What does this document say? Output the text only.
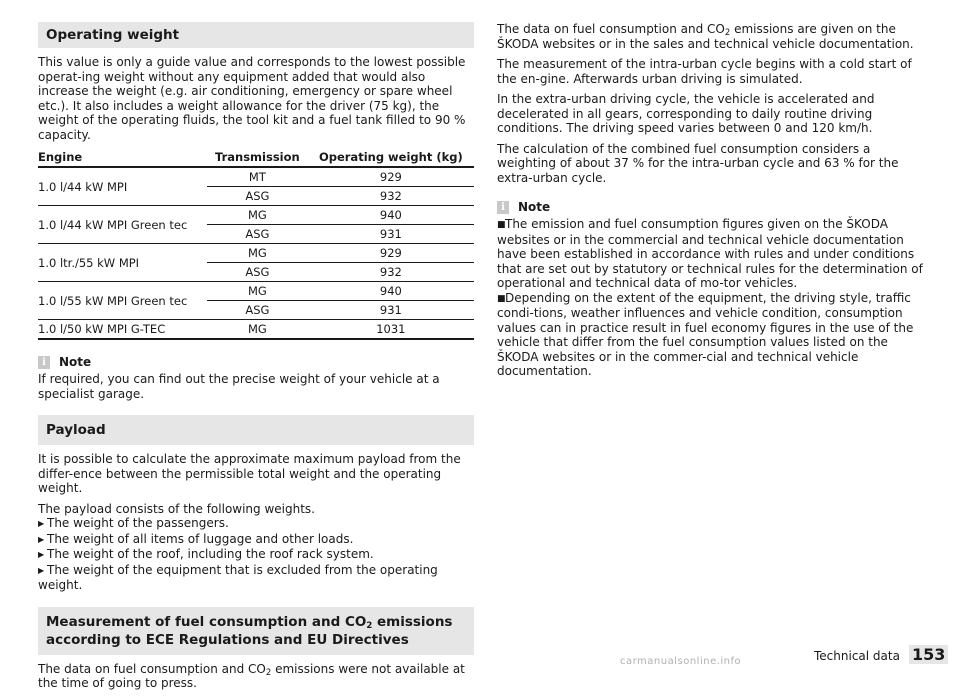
Operating weight
This value is only a guide value and corresponds to the lowest possible operat-ing weight without any equipment added that would also increase the weight (e.g. air conditioning, emergency or spare wheel etc.). It also includes a weight allowance for the driver (75 kg), the weight of the operating fluids, the tool kit and a fuel tank filled to 90 % capacity.
Engine	Transmission	Operating weight (kg)
1.0 l/44 kW MPI	MT	929
	ASG	932
1.0 l/44 kW MPI Green tec	MG	940
	ASG	931
1.0 ltr./55 kW MPI	MG	929
	ASG	932
1.0 l/55 kW MPI Green tec	MG	940
	ASG	931
1.0 l/50 kW MPI G-TEC	MG	1031
i	Note
If required, you can find out the precise weight of your vehicle at a specialist garage.
Payload
It is possible to calculate the approximate maximum payload from the differ-ence between the permissible total weight and the operating weight.
The payload consists of the following weights.
▶ The weight of the passengers.
▶ The weight of all items of luggage and other loads.
▶ The weight of the roof, including the roof rack system.
▶ The weight of the equipment that is excluded from the operating weight.
Measurement of fuel consumption and $CO_2$ emissions according to ECE Regulations and EU Directives
The data on fuel consumption and $CO_2$ emissions were not available at the time of going to press.
The data on fuel consumption and $CO_2$ emissions are given on the ŠKODA websites or in the sales and technical vehicle documentation.
The measurement of the intra-urban cycle begins with a cold start of the en-gine. Afterwards urban driving is simulated.
In the extra-urban driving cycle, the vehicle is accelerated and decelerated in all gears, corresponding to daily routine driving conditions. The driving speed varies between 0 and 120 km/h.
The calculation of the combined fuel consumption considers a weighting of about 37 % for the intra-urban cycle and 63 % for the extra-urban cycle.
i	Note
■The emission and fuel consumption figures given on the ŠKODA websites or in the commercial and technical vehicle documentation have been established in accordance with rules and under conditions that are set out by statutory or technical rules for the determination of operational and technical data of mo-tor vehicles.
■Depending on the extent of the equipment, the driving style, traffic condi-tions, weather influences and vehicle condition, consumption values can in practice result in fuel economy figures in the use of the vehicle that differ from the fuel consumption values listed on the ŠKODA websites or in the commer-cial and technical vehicle documentation.
carmanualsonline.info	Technical data 153
